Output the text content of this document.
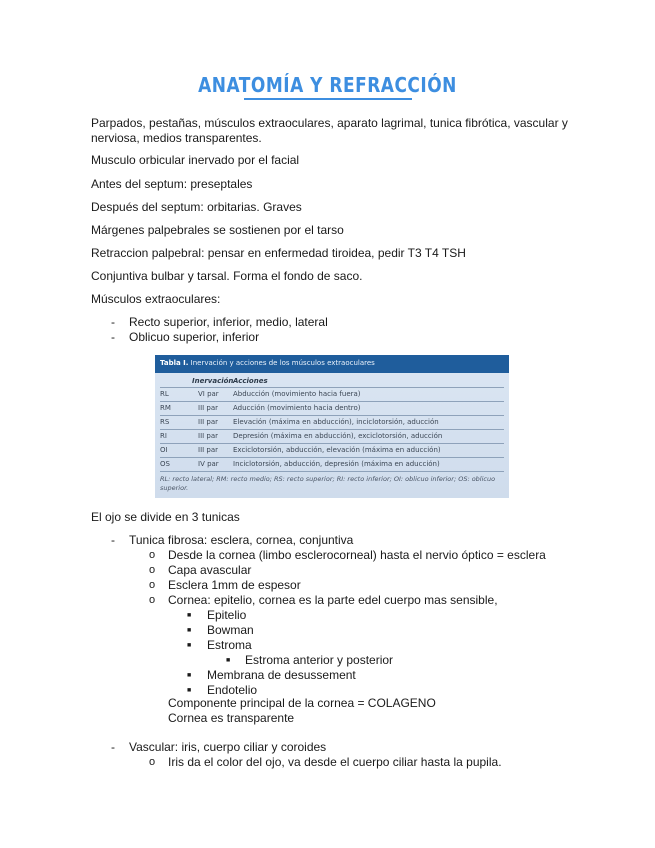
ANATOMÍA Y REFRACCIÓN

Parpados, pestañas, músculos extraoculares, aparato lagrimal, tunica fibrótica, vascular y nerviosa, medios transparentes.

Musculo orbicular inervado por el facial

Antes del septum: preseptales

Después del septum: orbitarias. Graves

Márgenes palpebrales se sostienen por el tarso

Retraccion palpebral: pensar en enfermedad tiroidea, pedir T3 T4 TSH

Conjuntiva bulbar y tarsal. Forma el fondo de saco.

Músculos extraoculares:

- Recto superior, inferior, medio, lateral
- Oblicuo superior, inferior
Tabla I. Inervación y acciones de los músculos extraoculares
Inervación Acciones
RL	VI par Abducción (movimiento hacia fuera)
RM	III par Aducción (movimiento hacia dentro)
RS	III par Elevación (máxima en abducción), inciclotorsión, aducción
RI	III par Depresión (máxima en abducción), exciclotorsión, aducción
OI	III par Exciclotorsión, abducción, elevación (máxima en aducción)
OS	IV par Inciclotorsión, abducción, depresión (máxima en aducción)
RL: recto lateral; RM: recto medio; RS: recto superior; RI: recto inferior; OI: oblicuo inferior; OS: oblicuo superior.

El ojo se divide en 3 tunicas

- Tunica fibrosa: esclera, cornea, conjuntiva
o Desde la cornea (limbo esclerocorneal) hasta el nervio óptico = esclera
o Capa avascular
o Esclera 1mm de espesor
o Cornea: epitelio, cornea es la parte edel cuerpo mas sensible,
■ Epitelio
■ Bowman
■ Estroma
■ Estroma anterior y posterior
■ Membrana de desussement
■ Endotelio
Componente principal de la cornea = COLAGENO
Cornea es transparente
- Vascular: iris, cuerpo ciliar y coroides
o Iris da el color del ojo, va desde el cuerpo ciliar hasta la pupila.
